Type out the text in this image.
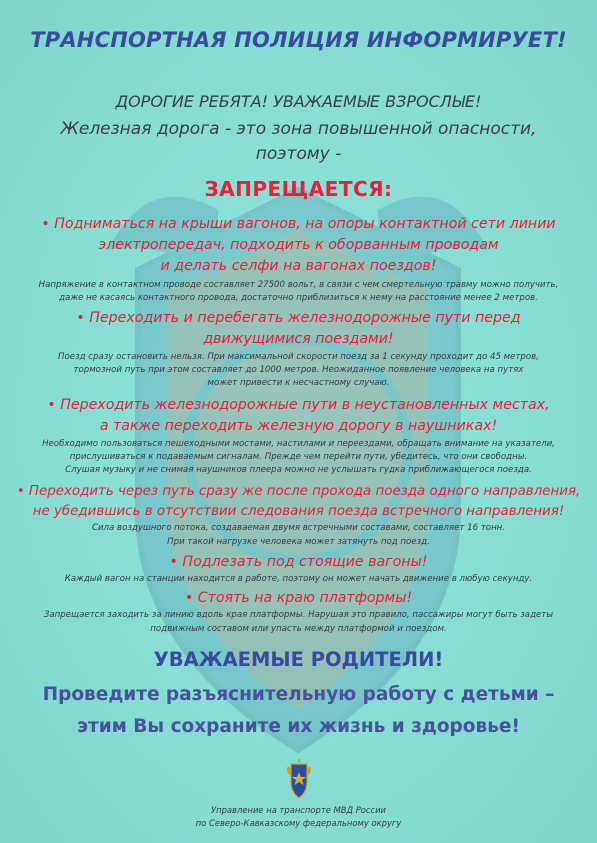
ТРАНСПОРТНАЯ ПОЛИЦИЯ ИНФОРМИРУЕТ!
ДОРОГИЕ РЕБЯТА! УВАЖАЕМЫЕ ВЗРОСЛЫЕ!
Железная дорога - это зона повышенной опасности,
поэтому -
ЗАПРЕЩАЕТСЯ:
• Подниматься на крыши вагонов, на опоры контактной сети линии
электропередач, подходить к оборванным проводам
и делать селфи на вагонах поездов!
Напряжение в контактном проводе составляет 27500 вольт, в связи с чем смертельную травму можно получить,
даже не касаясь контактного провода, достаточно приблизиться к нему на расстояние менее 2 метров.
• Переходить и перебегать железнодорожные пути перед
движущимися поездами!
Поезд сразу остановить нельзя. При максимальной скорости поезд за 1 секунду проходит до 45 метров,
тормозной путь при этом составляет до 1000 метров. Неожиданное появление человека на путях
может привести к несчастному случаю.
• Переходить железнодорожные пути в неустановленных местах,
а также переходить железную дорогу в наушниках!
Необходимо пользоваться пешеходными мостами, настилами и переездами, обращать внимание на указатели,
прислушиваться к подаваемым сигналам. Прежде чем перейти пути, убедитесь, что они свободны.
Слушая музыку и не снимая наушников плеера можно не услышать гудка приближающегося поезда.
• Переходить через путь сразу же после прохода поезда одного направления,
не убедившись в отсутствии следования поезда встречного направления!
Сила воздушного потока, создаваемая двумя встречными составами, составляет 16 тонн.
При такой нагрузке человека может затянуть под поезд.
• Подлезать под стоящие вагоны!
Каждый вагон на станции находится в работе, поэтому он может начать движение в любую секунду.
• Стоять на краю платформы!
Запрещается заходить за линию вдоль края платформы. Нарушая это правило, пассажиры могут быть задеты
подвижным составом или упасть между платформой и поездом.
УВАЖАЕМЫЕ РОДИТЕЛИ!
Проведите разъяснительную работу с детьми –
этим Вы сохраните их жизнь и здоровье!
Управление на транспорте МВД России
по Северо-Кавказскому федеральному округу
